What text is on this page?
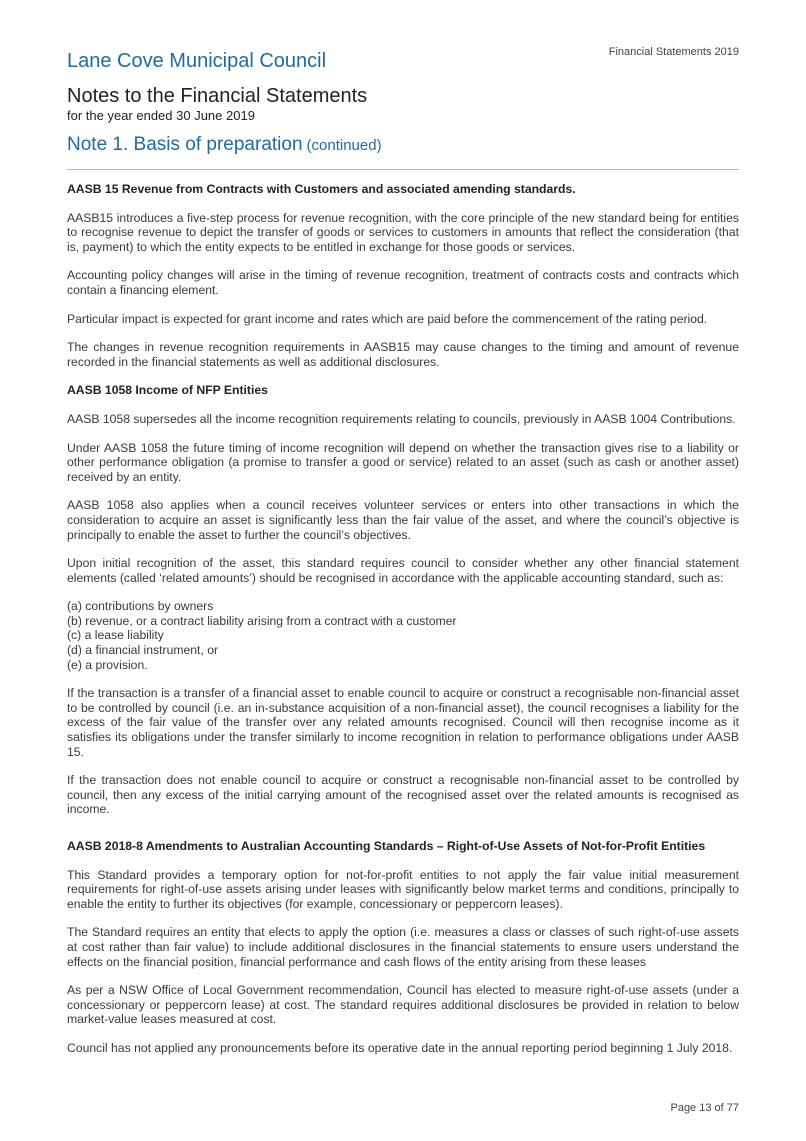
Financial Statements 2019
Lane Cove Municipal Council
Notes to the Financial Statements
for the year ended 30 June 2019
Note 1. Basis of preparation (continued)
AASB 15 Revenue from Contracts with Customers and associated amending standards.

AASB15 introduces a five-step process for revenue recognition, with the core principle of the new standard being for entities to recognise revenue to depict the transfer of goods or services to customers in amounts that reflect the consideration (that is, payment) to which the entity expects to be entitled in exchange for those goods or services.

Accounting policy changes will arise in the timing of revenue recognition, treatment of contracts costs and contracts which contain a financing element.

Particular impact is expected for grant income and rates which are paid before the commencement of the rating period.

The changes in revenue recognition requirements in AASB15 may cause changes to the timing and amount of revenue recorded in the financial statements as well as additional disclosures.

AASB 1058 Income of NFP Entities

AASB 1058 supersedes all the income recognition requirements relating to councils, previously in AASB 1004 Contributions.

Under AASB 1058 the future timing of income recognition will depend on whether the transaction gives rise to a liability or other performance obligation (a promise to transfer a good or service) related to an asset (such as cash or another asset) received by an entity.

AASB 1058 also applies when a council receives volunteer services or enters into other transactions in which the consideration to acquire an asset is significantly less than the fair value of the asset, and where the council’s objective is principally to enable the asset to further the council’s objectives.

Upon initial recognition of the asset, this standard requires council to consider whether any other financial statement elements (called ‘related amounts’) should be recognised in accordance with the applicable accounting standard, such as:

(a) contributions by owners
(b) revenue, or a contract liability arising from a contract with a customer
(c) a lease liability
(d) a financial instrument, or
(e) a provision.

If the transaction is a transfer of a financial asset to enable council to acquire or construct a recognisable non-financial asset to be controlled by council (i.e. an in-substance acquisition of a non-financial asset), the council recognises a liability for the excess of the fair value of the transfer over any related amounts recognised. Council will then recognise income as it satisfies its obligations under the transfer similarly to income recognition in relation to performance obligations under AASB 15.

If the transaction does not enable council to acquire or construct a recognisable non-financial asset to be controlled by council, then any excess of the initial carrying amount of the recognised asset over the related amounts is recognised as income.

AASB 2018-8 Amendments to Australian Accounting Standards – Right-of-Use Assets of Not-for-Profit Entities

This Standard provides a temporary option for not-for-profit entities to not apply the fair value initial measurement requirements for right-of-use assets arising under leases with significantly below market terms and conditions, principally to enable the entity to further its objectives (for example, concessionary or peppercorn leases).

The Standard requires an entity that elects to apply the option (i.e. measures a class or classes of such right-of-use assets at cost rather than fair value) to include additional disclosures in the financial statements to ensure users understand the effects on the financial position, financial performance and cash flows of the entity arising from these leases

As per a NSW Office of Local Government recommendation, Council has elected to measure right-of-use assets (under a concessionary or peppercorn lease) at cost. The standard requires additional disclosures be provided in relation to below market-value leases measured at cost.

Council has not applied any pronouncements before its operative date in the annual reporting period beginning 1 July 2018.

Page 13 of 77
